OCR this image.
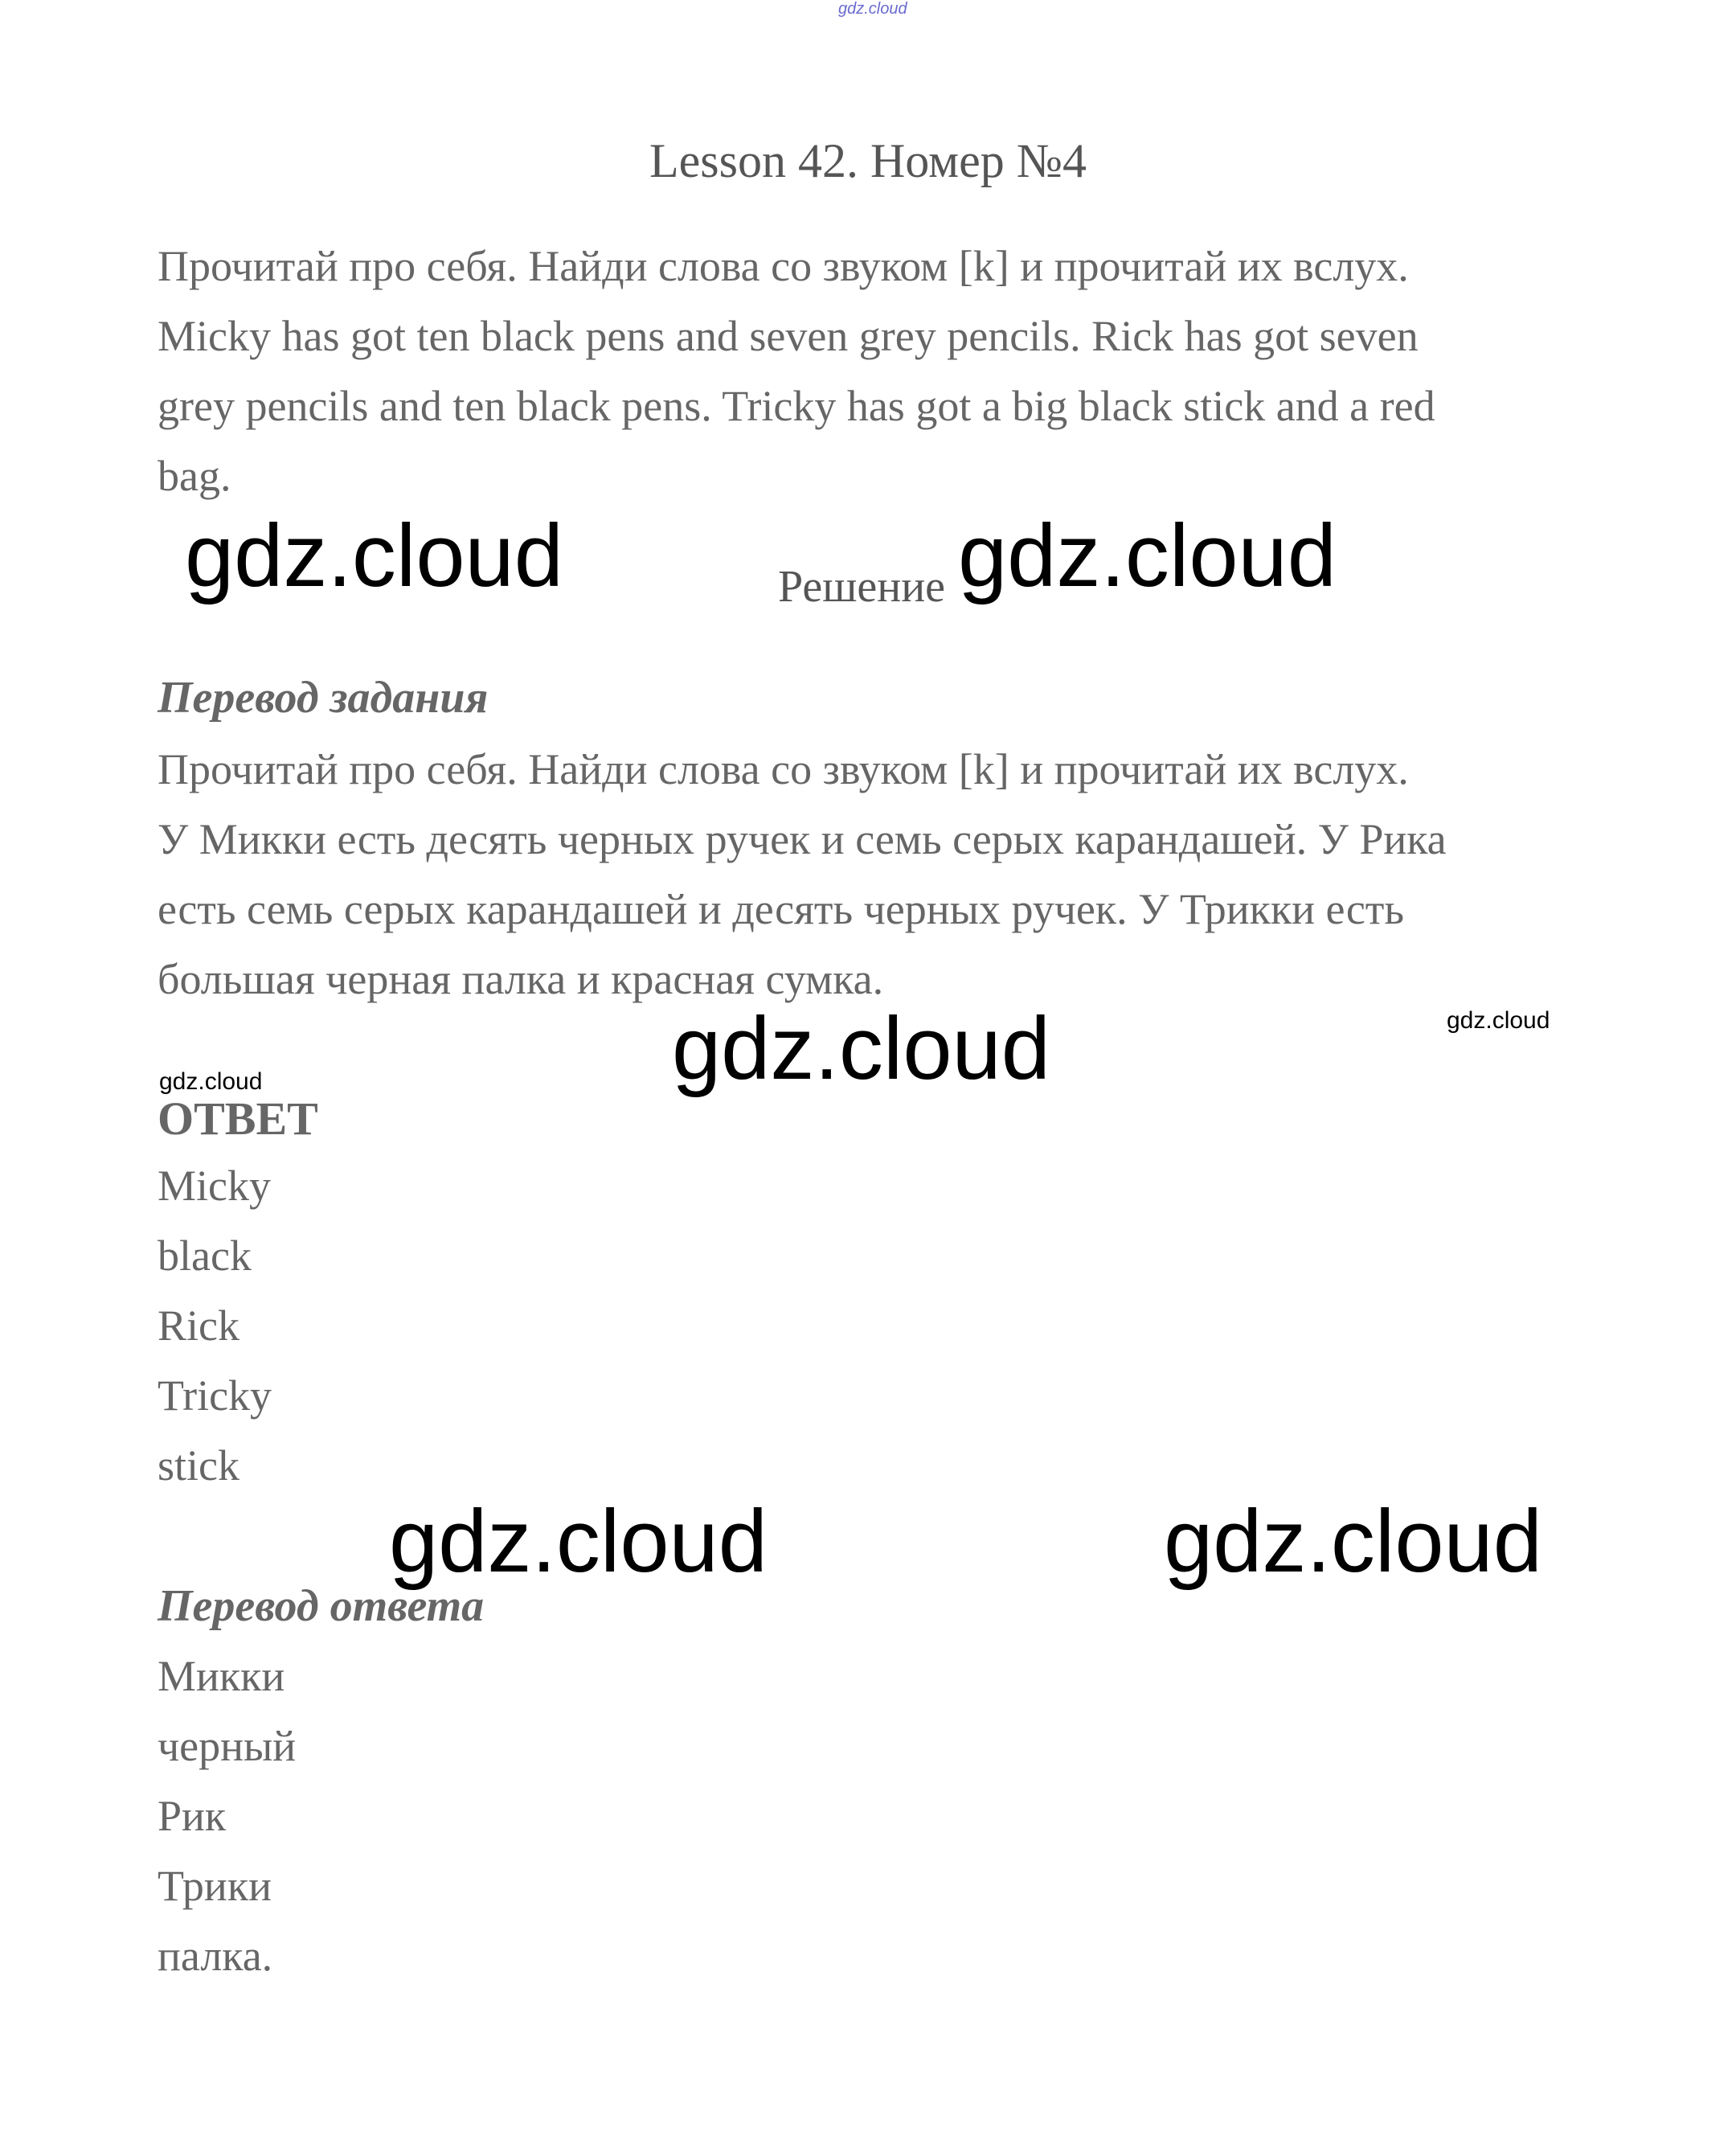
gdz.cloud
Lesson 42. Номер №4
Прочитай про себя. Найди слова со звуком [k] и прочитай их вслух.
Micky has got ten black pens and seven grey pencils. Rick has got seven
grey pencils and ten black pens. Tricky has got a big black stick and a red
bag.
gdz.cloud	Решение gdz.cloud
Перевод задания
Прочитай про себя. Найди слова со звуком [k] и прочитай их вслух.
У Микки есть десять черных ручек и семь серых карандашей. У Рика
есть семь серых карандашей и десять черных ручек. У Трикки есть
большая черная палка и красная сумка.
gdz.cloud
gdz.cloud
gdz.cloud
ОТВЕТ
Micky
black
Rick
Tricky
stick
gdz.cloud	gdz.cloud
Перевод ответа
Микки
черный
Рик
Трики
палка.
